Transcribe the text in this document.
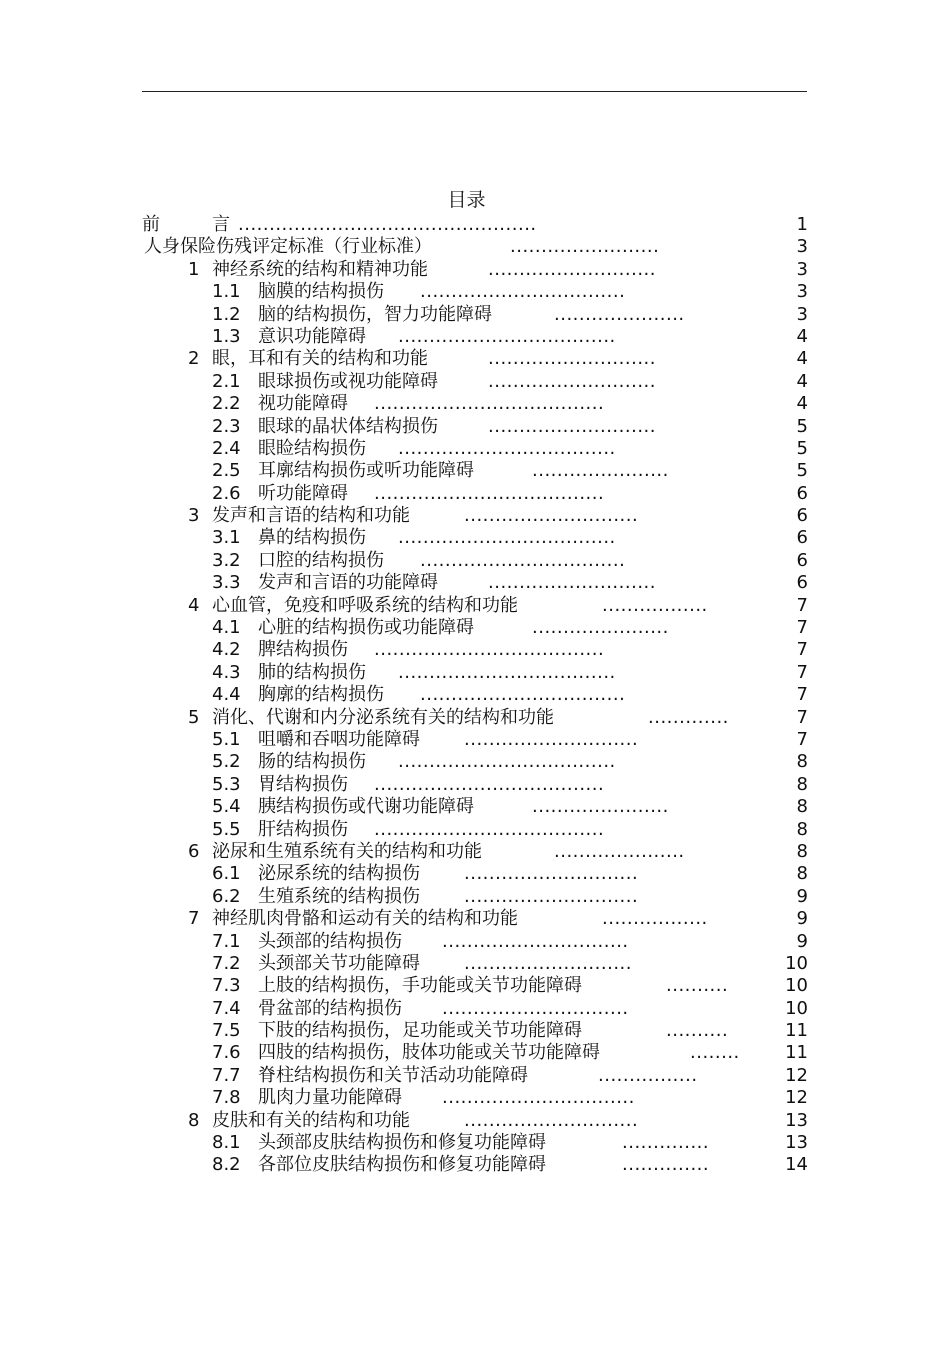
目录
前	言 ................................................	1
人身保险伤残评定标准（行业标准）	........................	3
1 神经系统的结构和精神功能	...........................	3
1.1 脑膜的结构损伤 .................................	3
1.2 脑的结构损伤，智力功能障碍	.....................	3
1.3 意识功能障碍 ...................................	4
2 眼，耳和有关的结构和功能	...........................	4
2.1 眼球损伤或视功能障碍	...........................	4
2.2 视功能障碍 .....................................	4
2.3 眼球的晶状体结构损伤	...........................	5
2.4 眼睑结构损伤 ...................................	5
2.5 耳廓结构损伤或听功能障碍	......................	5
2.6 听功能障碍 .....................................	6
3 发声和言语的结构和功能	............................	6
3.1 鼻的结构损伤 ...................................	6
3.2 口腔的结构损伤 .................................	6
3.3 发声和言语的功能障碍	...........................	6
4 心血管，免疫和呼吸系统的结构和功能	.................	7
4.1 心脏的结构损伤或功能障碍	......................	7
4.2 脾结构损伤 .....................................	7
4.3 肺的结构损伤 ...................................	7
4.4 胸廓的结构损伤 .................................	7
5 消化、代谢和内分泌系统有关的结构和功能	.............	7
5.1 咀嚼和吞咽功能障碍 ............................	7
5.2 肠的结构损伤 ...................................	8
5.3 胃结构损伤 .....................................	8
5.4 胰结构损伤或代谢功能障碍	......................	8
5.5 肝结构损伤 .....................................	8
6 泌尿和生殖系统有关的结构和功能	.....................	8
6.1 泌尿系统的结构损伤 ............................	8
6.2 生殖系统的结构损伤 ............................	9
7 神经肌肉骨骼和运动有关的结构和功能	.................	9
7.1 头颈部的结构损伤 ..............................	9
7.2 头颈部关节功能障碍 ...........................	10
7.3 上肢的结构损伤，手功能或关节功能障碍	..........	10
7.4 骨盆部的结构损伤 ..............................	10
7.5 下肢的结构损伤，足功能或关节功能障碍	..........	11
7.6 四肢的结构损伤，肢体功能或关节功能障碍	........	11
7.7 脊柱结构损伤和关节活动功能障碍	................	12
7.8 肌肉力量功能障碍 ...............................	12
8 皮肤和有关的结构和功能	............................	13
8.1 头颈部皮肤结构损伤和修复功能障碍	..............	13
8.2 各部位皮肤结构损伤和修复功能障碍	..............	14
